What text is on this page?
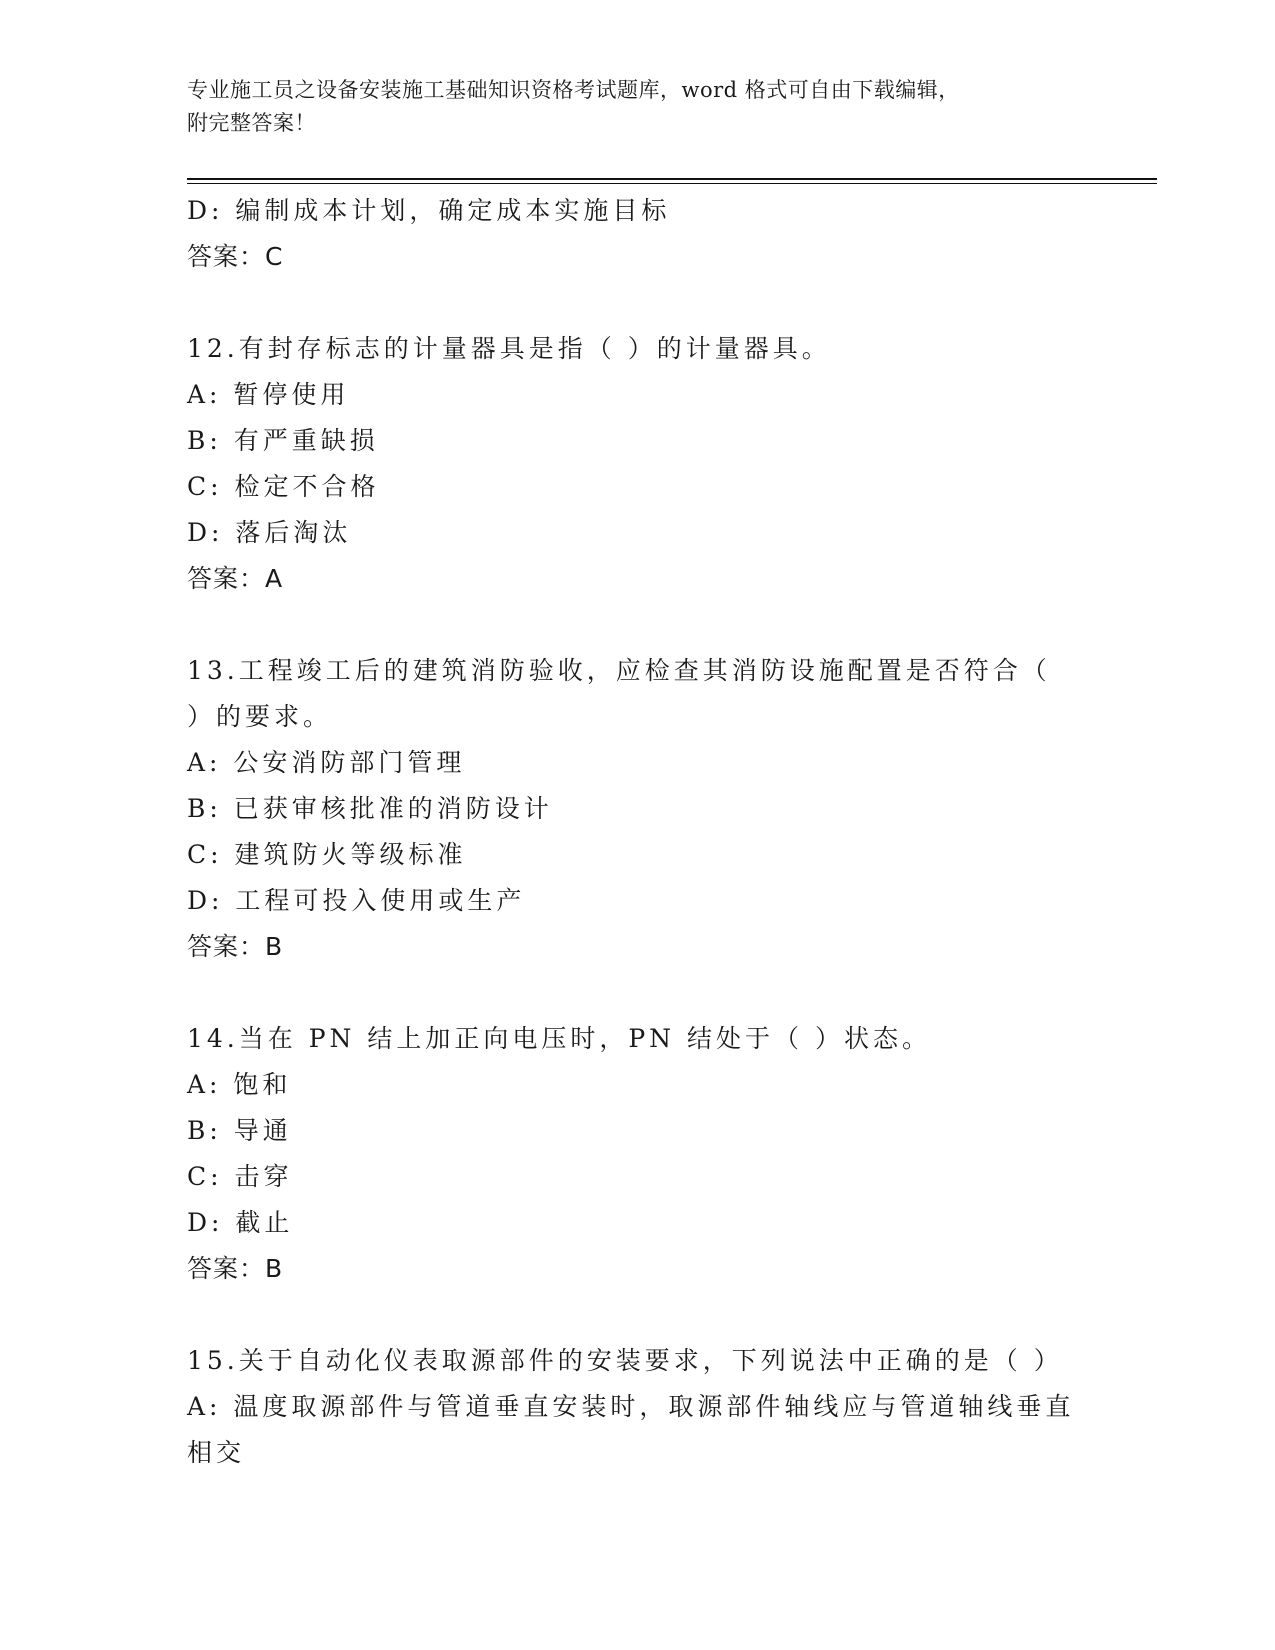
专业施工员之设备安装施工基础知识资格考试题库，word 格式可自由下载编辑，
附完整答案！
D: 编制成本计划，确定成本实施目标
答案：C
12.有封存标志的计量器具是指（ ）的计量器具。
A: 暂停使用
B: 有严重缺损
C: 检定不合格
D: 落后淘汰
答案：A
13.工程竣工后的建筑消防验收，应检查其消防设施配置是否符合（
）的要求。
A: 公安消防部门管理
B: 已获审核批准的消防设计
C: 建筑防火等级标准
D: 工程可投入使用或生产
答案：B
14.当在 PN 结上加正向电压时，PN 结处于（ ）状态。
A: 饱和
B: 导通
C: 击穿
D: 截止
答案：B
15.关于自动化仪表取源部件的安装要求，下列说法中正确的是（ ）
A: 温度取源部件与管道垂直安装时，取源部件轴线应与管道轴线垂直
相交
